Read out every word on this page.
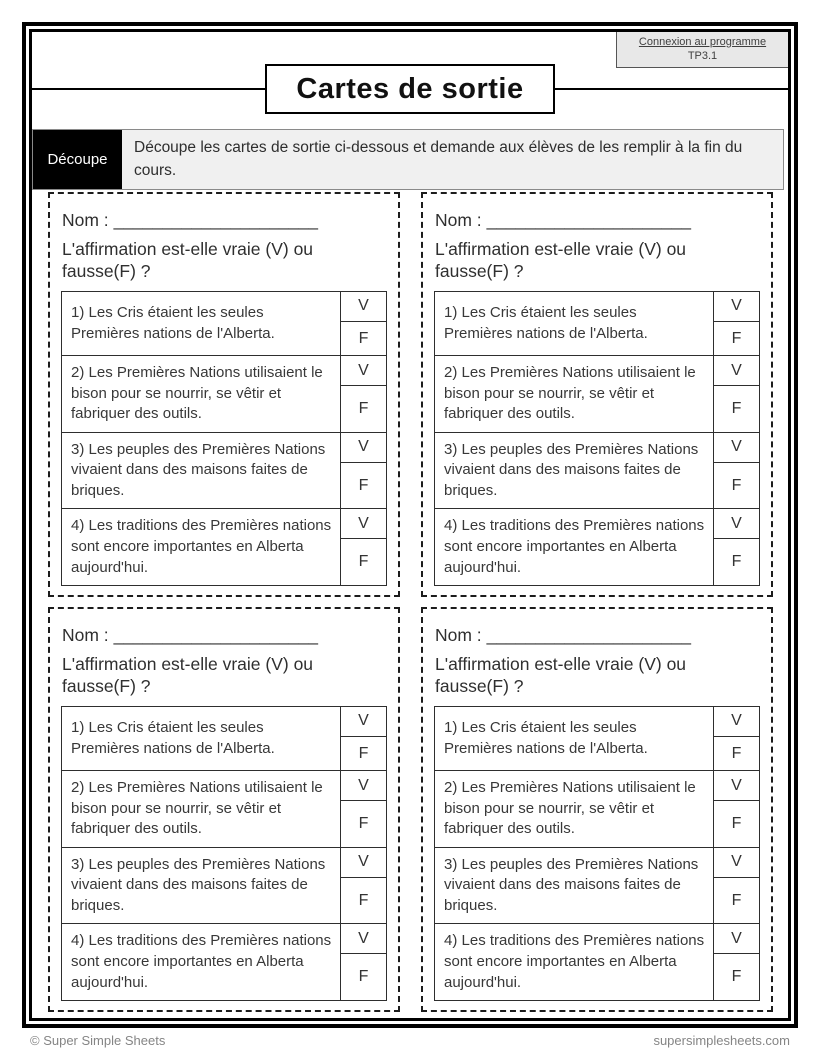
Connexion au programme
TP3.1
Cartes de sortie
Découpe
Découpe les cartes de sortie ci-dessous et demande aux élèves de les remplir à la fin du cours.
Nom : _____________________
L'affirmation est-elle vraie (V) ou fausse(F) ?
1) Les Cris étaient les seules Premières nations de l'Alberta.
V
F
2) Les Premières Nations utilisaient le bison pour se nourrir, se vêtir et fabriquer des outils.
V
F
3) Les peuples des Premières Nations vivaient dans des maisons faites de briques.
V
F
4) Les traditions des Premières nations sont encore importantes en Alberta aujourd'hui.
V
F
Nom : _____________________
L'affirmation est-elle vraie (V) ou fausse(F) ?
1) Les Cris étaient les seules Premières nations de l'Alberta.
V
F
2) Les Premières Nations utilisaient le bison pour se nourrir, se vêtir et fabriquer des outils.
V
F
3) Les peuples des Premières Nations vivaient dans des maisons faites de briques.
V
F
4) Les traditions des Premières nations sont encore importantes en Alberta aujourd'hui.
V
F
Nom : _____________________
L'affirmation est-elle vraie (V) ou fausse(F) ?
1) Les Cris étaient les seules Premières nations de l'Alberta.
V
F
2) Les Premières Nations utilisaient le bison pour se nourrir, se vêtir et fabriquer des outils.
V
F
3) Les peuples des Premières Nations vivaient dans des maisons faites de briques.
V
F
4) Les traditions des Premières nations sont encore importantes en Alberta aujourd'hui.
V
F
Nom : _____________________
L'affirmation est-elle vraie (V) ou fausse(F) ?
1) Les Cris étaient les seules Premières nations de l'Alberta.
V
F
2) Les Premières Nations utilisaient le bison pour se nourrir, se vêtir et fabriquer des outils.
V
F
3) Les peuples des Premières Nations vivaient dans des maisons faites de briques.
V
F
4) Les traditions des Premières nations sont encore importantes en Alberta aujourd'hui.
V
F
© Super Simple Sheets	supersimplesheets.com
